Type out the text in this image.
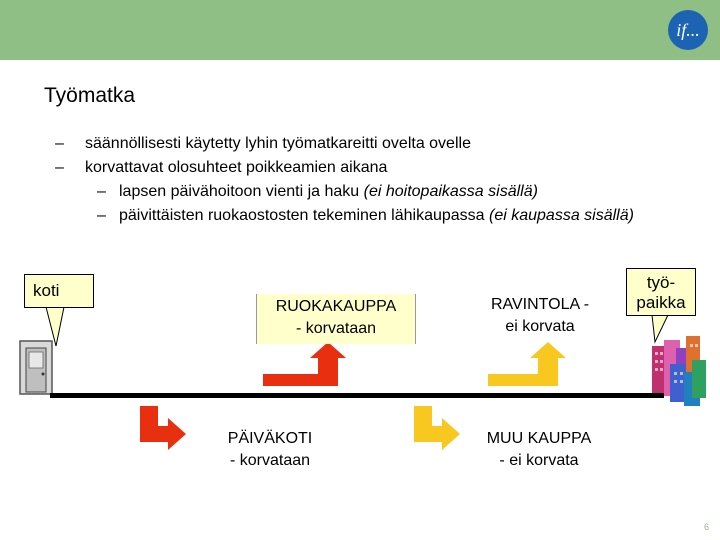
if...
Työmatka
– säännöllisesti käytetty lyhin työmatkareitti ovelta ovelle
– korvattavat olosuhteet poikkeamien aikana
– lapsen päivähoitoon vienti ja haku (ei hoitopaikassa sisällä)
– päivittäisten ruokaostosten tekeminen lähikaupassa (ei kaupassa sisällä)
koti	työ-
paikka
RUOKAKAUPPA
- korvataan
RAVINTOLA -
ei korvata
PÄIVÄKOTI
- korvataan
MUU KAUPPA
- ei korvata
6
